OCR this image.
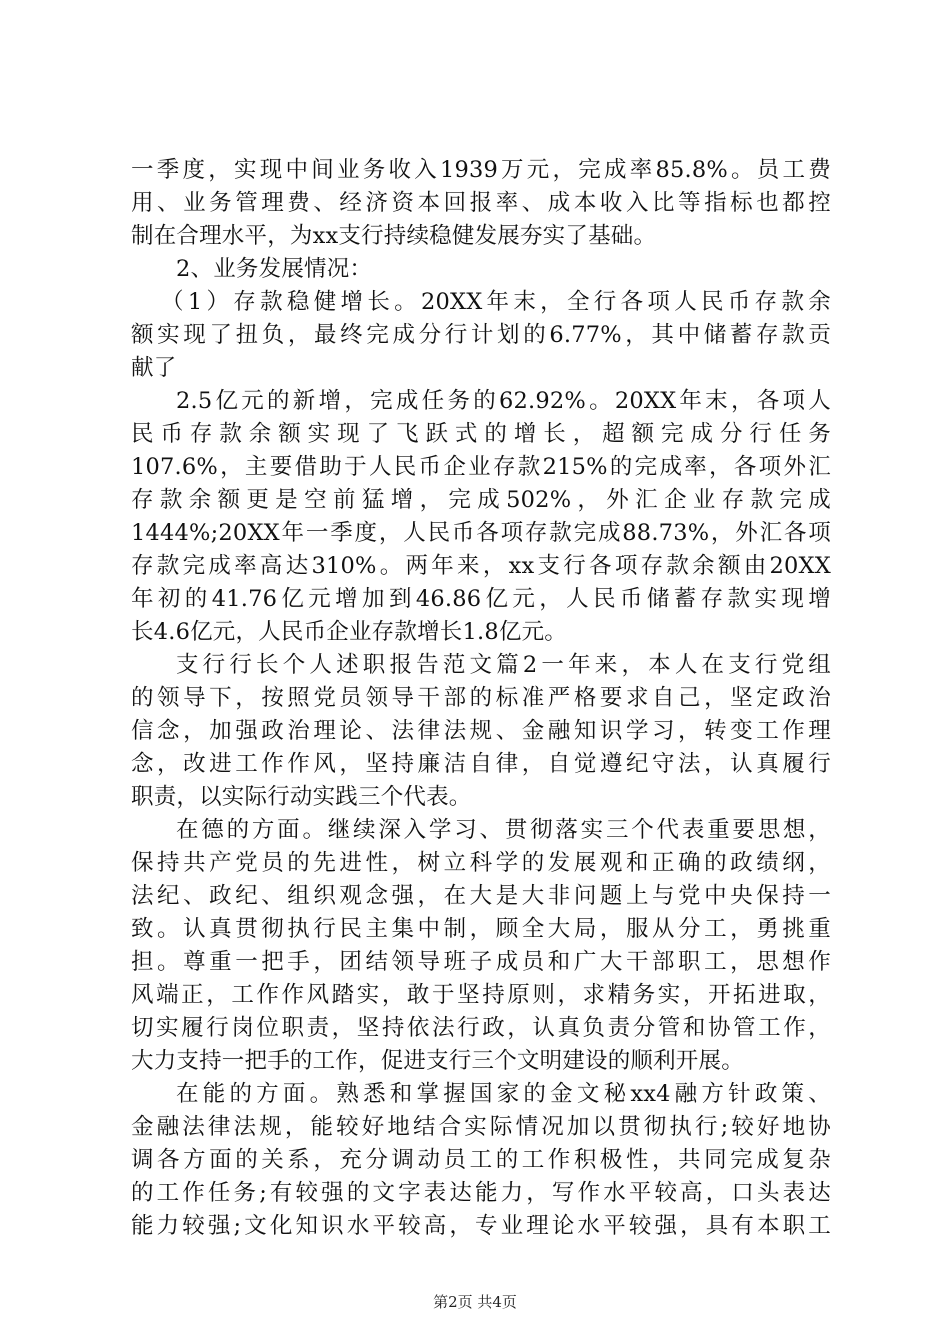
一季度，实现中间业务收入1939万元，完成率85.8%。员工费
用、业务管理费、经济资本回报率、成本收入比等指标也都控
制在合理水平，为xx支行持续稳健发展夯实了基础。
2、业务发展情况：
（1）存款稳健增长。20XX年末，全行各项人民币存款余
额实现了扭负，最终完成分行计划的6.77%，其中储蓄存款贡
献了
2.5亿元的新增，完成任务的62.92%。20XX年末，各项人
民币存款余额实现了飞跃式的增长，超额完成分行任务
107.6%，主要借助于人民币企业存款215%的完成率，各项外汇
存款余额更是空前猛增，完成502%，外汇企业存款完成
1444%;20XX年一季度，人民币各项存款完成88.73%，外汇各项
存款完成率高达310%。两年来，xx支行各项存款余额由20XX
年初的41.76亿元增加到46.86亿元，人民币储蓄存款实现增
长4.6亿元，人民币企业存款增长1.8亿元。
支行行长个人述职报告范文篇2一年来，本人在支行党组
的领导下，按照党员领导干部的标准严格要求自己，坚定政治
信念，加强政治理论、法律法规、金融知识学习，转变工作理
念，改进工作作风，坚持廉洁自律，自觉遵纪守法，认真履行
职责，以实际行动实践三个代表。
在德的方面。继续深入学习、贯彻落实三个代表重要思想，
保持共产党员的先进性，树立科学的发展观和正确的政绩纲，
法纪、政纪、组织观念强，在大是大非问题上与党中央保持一
致。认真贯彻执行民主集中制，顾全大局，服从分工，勇挑重
担。尊重一把手，团结领导班子成员和广大干部职工，思想作
风端正，工作作风踏实，敢于坚持原则，求精务实，开拓进取，
切实履行岗位职责，坚持依法行政，认真负责分管和协管工作，
大力支持一把手的工作，促进支行三个文明建设的顺利开展。
在能的方面。熟悉和掌握国家的金文秘xx4融方针政策、
金融法律法规，能较好地结合实际情况加以贯彻执行;较好地协
调各方面的关系，充分调动员工的工作积极性，共同完成复杂
的工作任务;有较强的文字表达能力，写作水平较高，口头表达
能力较强;文化知识水平较高，专业理论水平较强，具有本职工
第2页 共4页
